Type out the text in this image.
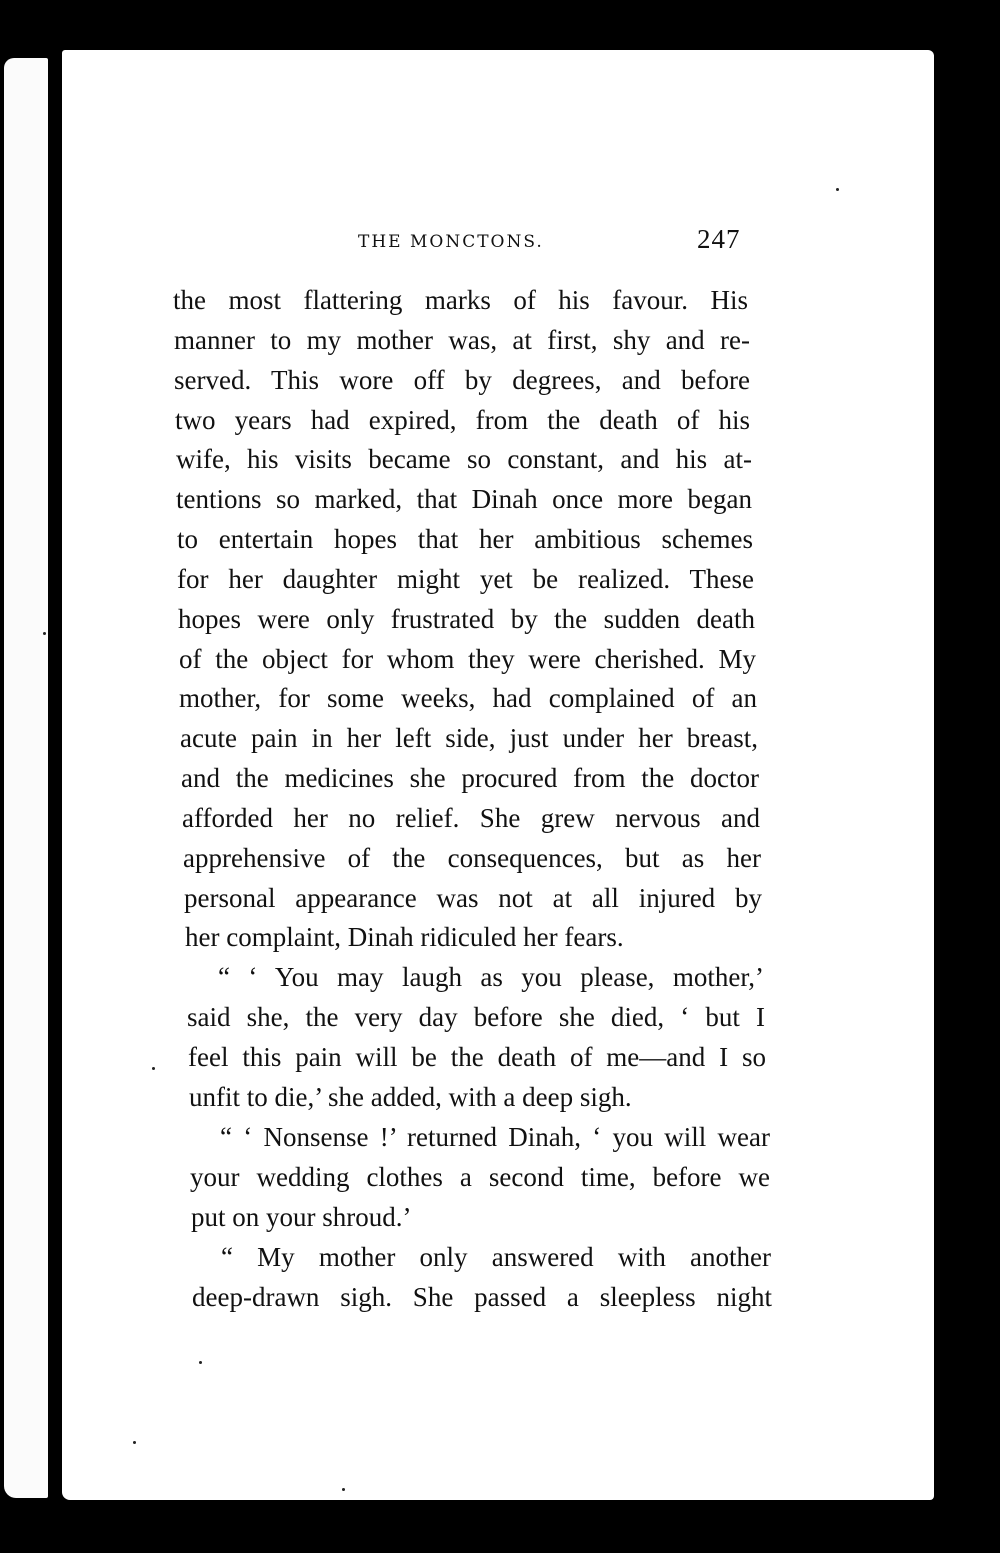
THE MONCTONS.	247
the most flattering marks of his favour. His
manner to my mother was, at first, shy and re-
served. This wore off by degrees, and before
two years had expired, from the death of his
wife, his visits became so constant, and his at-
tentions so marked, that Dinah once more began
to entertain hopes that her ambitious schemes
for her daughter might yet be realized. These
hopes were only frustrated by the sudden death
of the object for whom they were cherished. My
mother, for some weeks, had complained of an
acute pain in her left side, just under her breast,
and the medicines she procured from the doctor
afforded her no relief. She grew nervous and
apprehensive of the consequences, but as her
personal appearance was not at all injured by
her complaint, Dinah ridiculed her fears.
“ ‘ You may laugh as you please, mother,’
said she, the very day before she died, ‘ but I
feel this pain will be the death of me—and I so
unfit to die,’ she added, with a deep sigh.
“ ‘ Nonsense !’ returned Dinah, ‘ you will wear
your wedding clothes a second time, before we
put on your shroud.’
“ My mother only answered with another
deep-drawn sigh. She passed a sleepless night
